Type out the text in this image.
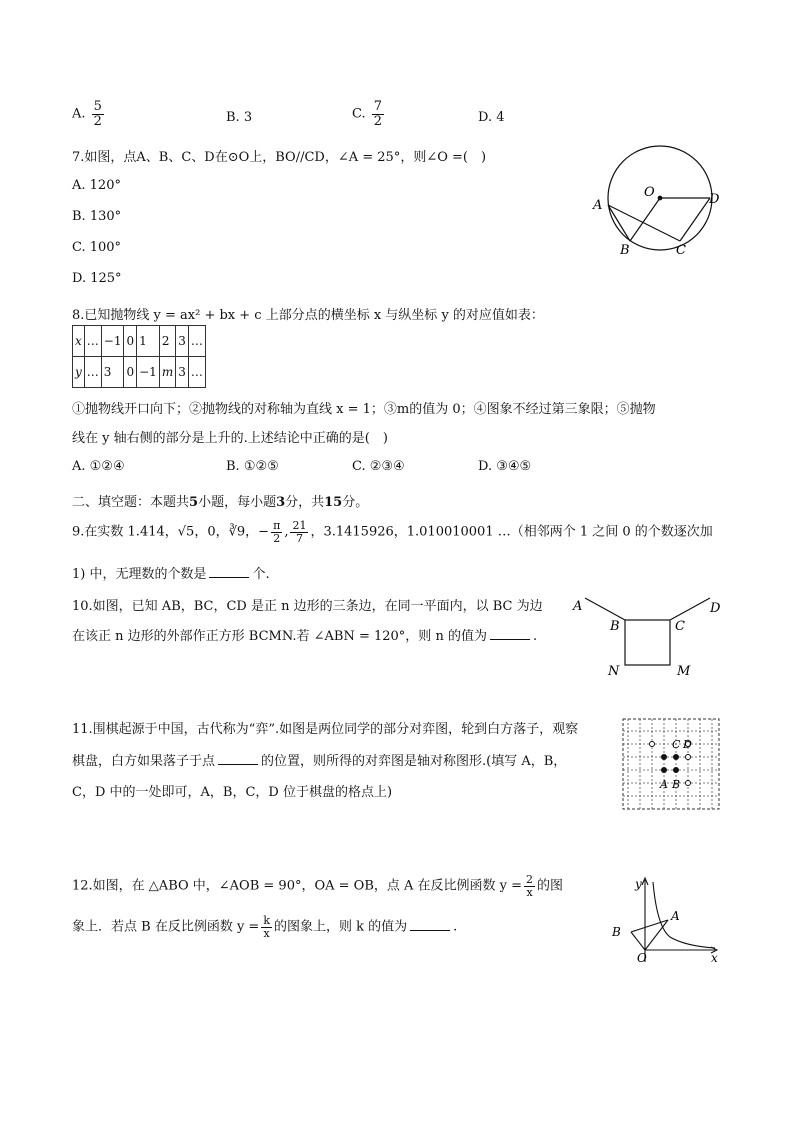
A. $\frac{5}{2}$	B. 3	C. $\frac{7}{2}$	D. 4
7.如图，点A、B、C、D在⊙O上，BO//CD，∠A = 25°，则∠O =(　)
A. 120°
B. 130°
C. 100°
D. 125°
A
B	C
D
O
8.已知抛物线 y = ax² + bx + c 上部分点的横坐标 x 与纵坐标 y 的对应值如表：
x	…	−1	0	1	2	3	…
y	…	3	0	−1	m	3	…
①抛物线开口向下；②抛物线的对称轴为直线 x = 1；③m的值为 0；④图象不经过第三象限；⑤抛物
线在 y 轴右侧的部分是上升的.上述结论中正确的是(　)
A. ①②④	B. ①②⑤	C. ②③④	D. ③④⑤
二、填空题：本题共5小题，每小题3分，共15分。
9.在实数 1.414，√5，0，∛9，− $\frac{\pi}{2}$ , $\frac{21}{7}$ ，3.1415926，1.010010001 …（相邻两个 1 之间 0 的个数逐次加
1) 中，无理数的个数是	个.
10.如图，已知 AB，BC，CD 是正 n 边形的三条边，在同一平面内，以 BC 为边
在该正 n 边形的外部作正方形 BCMN.若 ∠ABN = 120°，则 n 的值为	.
A
B	C
D
M
N
11.围棋起源于中国，古代称为“弈”.如图是两位同学的部分对弈图，轮到白方落子，观察
棋盘，白方如果落子于点	的位置，则所得的对弈图是轴对称图形.(填写 A，B，
C，D 中的一处即可，A，B，C，D 位于棋盘的格点上)
C D
A B
12.如图，在 △ABO 中，∠AOB = 90°，OA = OB，点 A 在反比例函数 $y = \frac{2}{x}$ 的图
象上．若点 B 在反比例函数 $y = \frac{k}{x}$ 的图象上，则 k 的值为	.
y
x
A
B
O
